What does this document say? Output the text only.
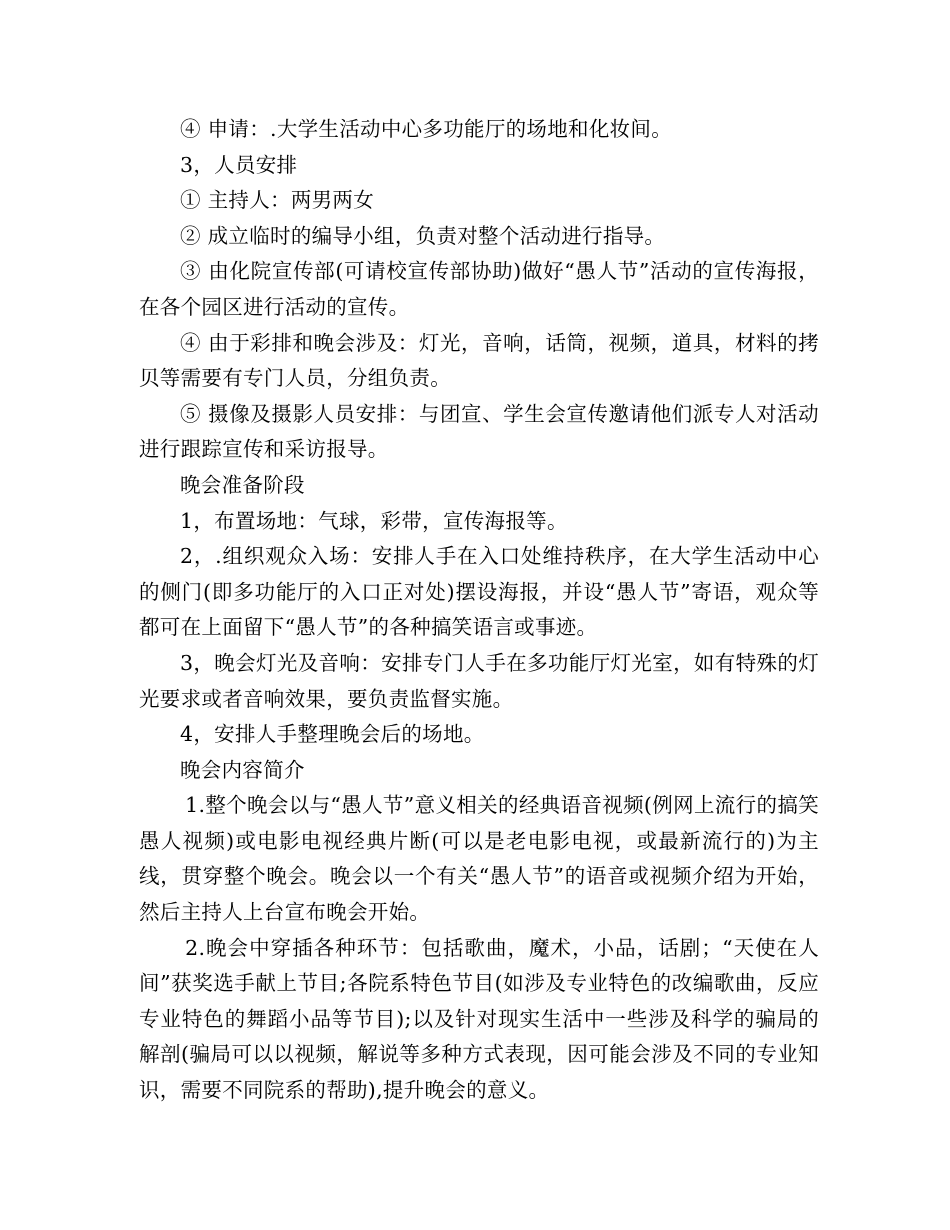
④ 申请：.大学生活动中心多功能厅的场地和化妆间。

3，人员安排

① 主持人：两男两女

② 成立临时的编导小组，负责对整个活动进行指导。

③ 由化院宣传部(可请校宣传部协助)做好“愚人节”活动的宣传海报，在各个园区进行活动的宣传。

④ 由于彩排和晚会涉及：灯光，音响，话筒，视频，道具，材料的拷贝等需要有专门人员，分组负责。

⑤ 摄像及摄影人员安排：与团宣、学生会宣传邀请他们派专人对活动进行跟踪宣传和采访报导。

晚会准备阶段

1，布置场地：气球，彩带，宣传海报等。

2，.组织观众入场：安排人手在入口处维持秩序，在大学生活动中心的侧门(即多功能厅的入口正对处)摆设海报，并设“愚人节”寄语，观众等都可在上面留下“愚人节”的各种搞笑语言或事迹。

3，晚会灯光及音响：安排专门人手在多功能厅灯光室，如有特殊的灯光要求或者音响效果，要负责监督实施。

4，安排人手整理晚会后的场地。

晚会内容简介

1.整个晚会以与“愚人节”意义相关的经典语音视频(例网上流行的搞笑愚人视频)或电影电视经典片断(可以是老电影电视，或最新流行的)为主线，贯穿整个晚会。晚会以一个有关“愚人节”的语音或视频介绍为开始，然后主持人上台宣布晚会开始。

2.晚会中穿插各种环节：包括歌曲，魔术，小品，话剧；“天使在人间”获奖选手献上节目;各院系特色节目(如涉及专业特色的改编歌曲，反应专业特色的舞蹈小品等节目);以及针对现实生活中一些涉及科学的骗局的解剖(骗局可以以视频，解说等多种方式表现，因可能会涉及不同的专业知识，需要不同院系的帮助),提升晚会的意义。
